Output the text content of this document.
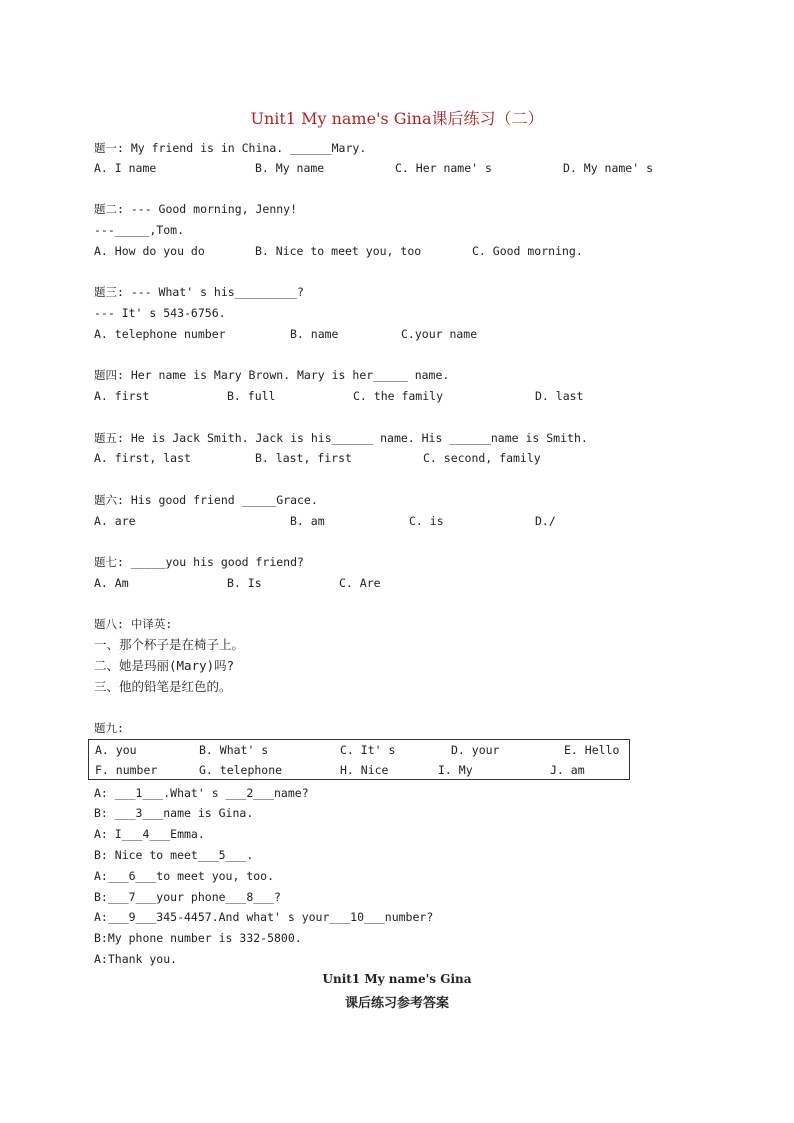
Unit1 My name's Gina课后练习（二）
题一: My friend is in China. ______Mary.
A. I name	B. My name	C. Her name' s	D. My name' s
题二: --- Good morning, Jenny!
---_____,Tom.
A. How do you do	B. Nice to meet you, too	C. Good morning.
题三: --- What' s his_________?
--- It' s 543-6756.
A. telephone number	B. name	C.your name
题四: Her name is Mary Brown. Mary is her_____ name.
A. first	B. full	C. the family	D. last
题五: He is Jack Smith. Jack is his______ name. His ______name is Smith.
A. first, last	B. last, first	C. second, family
题六: His good friend _____Grace.
A. are	B. am	C. is	D./
题七: _____you his good friend?
A. Am	B. Is	C. Are
题八: 中译英:
一、那个杯子是在椅子上。
二、她是玛丽(Mary)吗?
三、他的铅笔是红色的。
题九:
A. you	B. What' s	C. It' s	D. your	E. Hello
F. number	G. telephone	H. Nice	I. My	J. am
A: ___1___.What' s ___2___name?
B: ___3___name is Gina.
A: I___4___Emma.
B: Nice to meet___5___.
A:___6___to meet you, too.
B:___7___your phone___8___?
A:___9___345-4457.And what' s your___10___number?
B:My phone number is 332-5800.
A:Thank you.
Unit1 My name's Gina
课后练习参考答案
